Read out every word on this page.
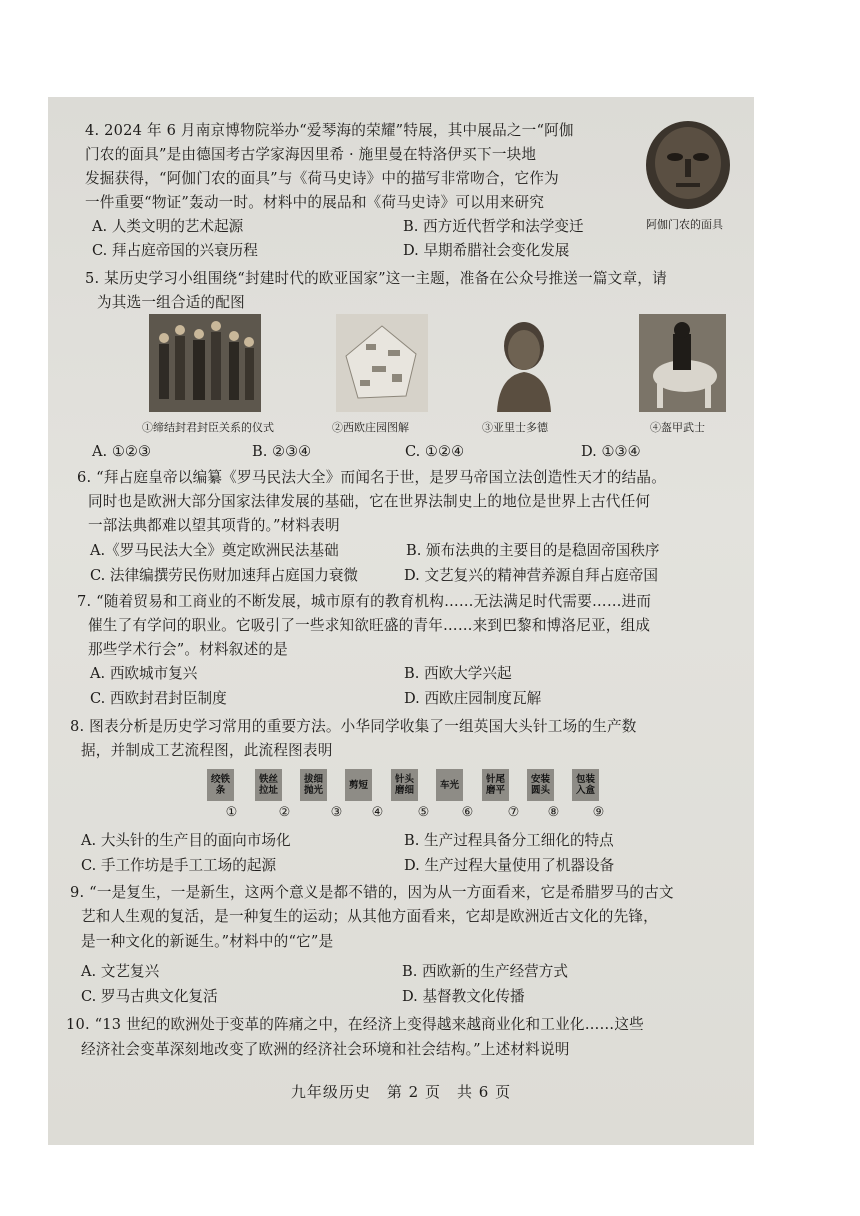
4. 2024 年 6 月南京博物院举办“爱琴海的荣耀”特展，其中展品之一“阿伽
门农的面具”是由德国考古学家海因里希 · 施里曼在特洛伊买下一块地
发掘获得，“阿伽门农的面具”与《荷马史诗》中的描写非常吻合，它作为
一件重要“物证”轰动一时。材料中的展品和《荷马史诗》可以用来研究
A. 人类文明的艺术起源	B. 西方近代哲学和法学变迁
C. 拜占庭帝国的兴衰历程	D. 早期希腊社会变化发展
阿伽门农的面具
5. 某历史学习小组围绕“封建时代的欧亚国家”这一主题，准备在公众号推送一篇文章，请
为其选一组合适的配图
①缔结封君封臣关系的仪式	②西欧庄园图解	③亚里士多德	④盔甲武士
A. ①②③	B. ②③④	C. ①②④	D. ①③④
6. “拜占庭皇帝以编纂《罗马民法大全》而闻名于世，是罗马帝国立法创造性天才的结晶。
同时也是欧洲大部分国家法律发展的基础，它在世界法制史上的地位是世界上古代任何
一部法典都难以望其项背的。”材料表明
A.《罗马民法大全》奠定欧洲民法基础	B. 颁布法典的主要目的是稳固帝国秩序
C. 法律编撰劳民伤财加速拜占庭国力衰微	D. 文艺复兴的精神营养源自拜占庭帝国
7. “随着贸易和工商业的不断发展，城市原有的教育机构……无法满足时代需要……进而
催生了有学问的职业。它吸引了一些求知欲旺盛的青年……来到巴黎和博洛尼亚，组成
那些学术行会”。材料叙述的是
A. 西欧城市复兴	B. 西欧大学兴起
C. 西欧封君封臣制度	D. 西欧庄园制度瓦解
8. 图表分析是历史学习常用的重要方法。小华同学收集了一组英国大头针工场的生产数
据，并制成工艺流程图，此流程图表明
绞铁条
铁丝拉址
拔细抛光	剪短	针头磨细	车光	针尾磨平
安装圆头
包装入盒
①	②	③	④	⑤	⑥	⑦	⑧	⑨
A. 大头针的生产目的面向市场化	B. 生产过程具备分工细化的特点
C. 手工作坊是手工工场的起源	D. 生产过程大量使用了机器设备
9. “一是复生，一是新生，这两个意义是都不错的，因为从一方面看来，它是希腊罗马的古文
艺和人生观的复活，是一种复生的运动；从其他方面看来，它却是欧洲近古文化的先锋，
是一种文化的新诞生。”材料中的“它”是
A. 文艺复兴	B. 西欧新的生产经营方式
C. 罗马古典文化复活	D. 基督教文化传播
10. “13 世纪的欧洲处于变革的阵痛之中，在经济上变得越来越商业化和工业化……这些
经济社会变革深刻地改变了欧洲的经济社会环境和社会结构。”上述材料说明
九年级历史　第 2 页　共 6 页
